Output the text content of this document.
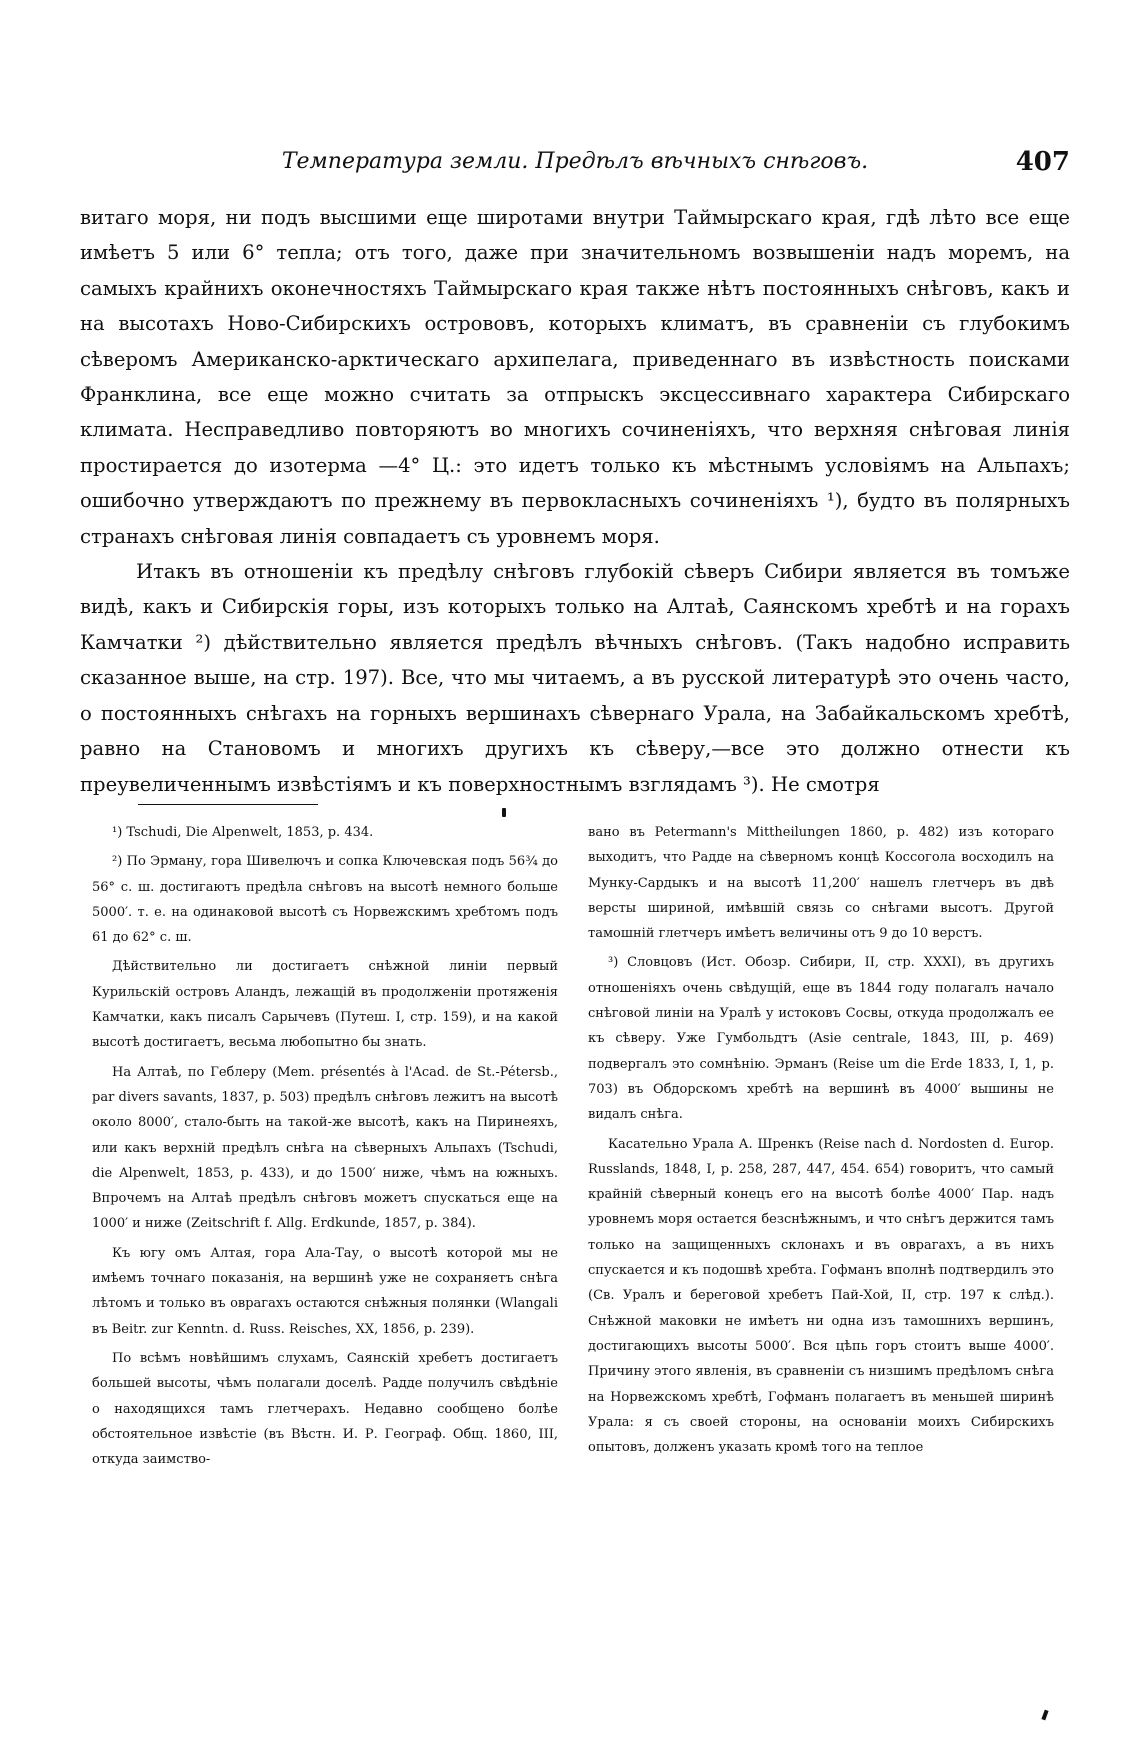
Температура земли. Предѣлъ вѣчныхъ снѣговъ.	407

витаго моря, ни подъ высшими еще широтами внутри Таймырскаго края, гдѣ лѣто все еще имѣетъ 5 или 6° тепла; отъ того, даже при значительномъ возвышеніи надъ моремъ, на самыхъ крайнихъ оконечностяхъ Таймырскаго края также нѣтъ постоянныхъ снѣговъ, какъ и на высотахъ Ново-Сибирскихъ острововъ, которыхъ климатъ, въ сравненіи съ глубокимъ сѣверомъ Американско-арктическаго архипелага, приведеннаго въ извѣстность поисками Франклина, все еще можно считать за отпрыскъ эксцессивнаго характера Сибирскаго климата. Несправедливо повторяютъ во многихъ сочиненіяхъ, что верхняя снѣговая линія простирается до изотерма —4° Ц.: это идетъ только къ мѣстнымъ условіямъ на Альпахъ; ошибочно утверждаютъ по прежнему въ первокласныхъ сочиненіяхъ ¹), будто въ полярныхъ странахъ снѣговая линія совпадаетъ съ уровнемъ моря.

Итакъ въ отношеніи къ предѣлу снѣговъ глубокій сѣверъ Сибири является въ томъже видѣ, какъ и Сибирскія горы, изъ которыхъ только на Алтаѣ, Саянскомъ хребтѣ и на горахъ Камчатки ²) дѣйствительно является предѣлъ вѣчныхъ снѣговъ. (Такъ надобно исправить сказанное выше, на стр. 197). Все, что мы читаемъ, а въ русской литературѣ это очень часто, о постоянныхъ снѣгахъ на горныхъ вершинахъ сѣвернаго Урала, на Забайкальскомъ хребтѣ, равно на Становомъ и многихъ другихъ къ сѣверу,—все это должно отнести къ преувеличеннымъ извѣстіямъ и къ поверхностнымъ взглядамъ ³). Не смотря

¹) Tschudi, Die Alpenwelt, 1853, p. 434.

²) По Эрману, гора Шивелючъ и сопка Ключевская подъ 56¾ до 56° с. ш. достигаютъ предѣла снѣговъ на высотѣ немного больше 5000′. т. е. на одинаковой высотѣ съ Норвежскимъ хребтомъ подъ 61 до 62° с. ш.

Дѣйствительно ли достигаетъ снѣжной линіи первый Курильскій островъ Аландъ, лежащій въ продолженіи протяженія Камчатки, какъ писалъ Сарычевъ (Путеш. I, стр. 159), и на какой высотѣ достигаетъ, весьма любопытно бы знать.

На Алтаѣ, по Геблеру (Mem. présentés à l'Acad. de St.-Pétersb., par divers savants, 1837, p. 503) предѣлъ снѣговъ лежитъ на высотѣ около 8000′, стало-быть на такой-же высотѣ, какъ на Пиринеяхъ, или какъ верхній предѣлъ снѣга на сѣверныхъ Альпахъ (Tschudi, die Alpenwelt, 1853, p. 433), и до 1500′ ниже, чѣмъ на южныхъ. Впрочемъ на Алтаѣ предѣлъ снѣговъ можетъ спускаться еще на 1000′ и ниже (Zeitschrift f. Allg. Erdkunde, 1857, p. 384).

Къ югу омъ Алтая, гора Ала-Тау, о высотѣ которой мы не имѣемъ точнаго показанія, на вершинѣ уже не сохраняетъ снѣга лѣтомъ и только въ оврагахъ остаются снѣжныя полянки (Wlangali въ Beitr. zur Kenntn. d. Russ. Reisches, XX, 1856, p. 239).

По всѣмъ новѣйшимъ слухамъ, Саянскій хребетъ достигаетъ большей высоты, чѣмъ полагали доселѣ. Радде получилъ свѣдѣніе о находящихся тамъ глетчерахъ. Недавно сообщено болѣе обстоятельное извѣстіе (въ Вѣстн. И. Р. Географ. Общ. 1860, III, откуда заимство-

вано въ Petermann's Mittheilungen 1860, p. 482) изъ котораго выходитъ, что Радде на сѣверномъ концѣ Коссогола восходилъ на Мунку-Сардыкъ и на высотѣ 11,200′ нашелъ глетчеръ въ двѣ версты шириной, имѣвшій связь со снѣгами высотъ. Другой тамошній глетчеръ имѣетъ величины отъ 9 до 10 верстъ.

³) Словцовъ (Ист. Обозр. Сибири, II, стр. XXXI), въ другихъ отношеніяхъ очень свѣдущій, еще въ 1844 году полагалъ начало снѣговой линіи на Уралѣ у истоковъ Сосвы, откуда продолжалъ ее къ сѣверу. Уже Гумбольдтъ (Asie centrale, 1843, III, p. 469) подвергалъ это сомнѣнію. Эрманъ (Reise um die Erde 1833, I, 1, p. 703) въ Обдорскомъ хребтѣ на вершинѣ въ 4000′ вышины не видалъ снѣга.

Касательно Урала А. Шренкъ (Reise nach d. Nordosten d. Europ. Russlands, 1848, I, p. 258, 287, 447, 454. 654) говоритъ, что самый крайній сѣверный конецъ его на высотѣ болѣе 4000′ Пар. надъ уровнемъ моря остается безснѣжнымъ, и что снѣгъ держится тамъ только на защищенныхъ склонахъ и въ оврагахъ, а въ нихъ спускается и къ подошвѣ хребта. Гофманъ вполнѣ подтвердилъ это (Св. Уралъ и береговой хребетъ Пай-Хой, II, стр. 197 к слѣд.). Снѣжной маковки не имѣетъ ни одна изъ тамошнихъ вершинъ, достигающихъ высоты 5000′. Вся цѣпь горъ стоитъ выше 4000′. Причину этого явленія, въ сравненіи съ низшимъ предѣломъ снѣга на Норвежскомъ хребтѣ, Гофманъ полагаетъ въ меньшей ширинѣ Урала: я съ своей стороны, на основаніи моихъ Сибирскихъ опытовъ, долженъ указать кромѣ того на теплое
